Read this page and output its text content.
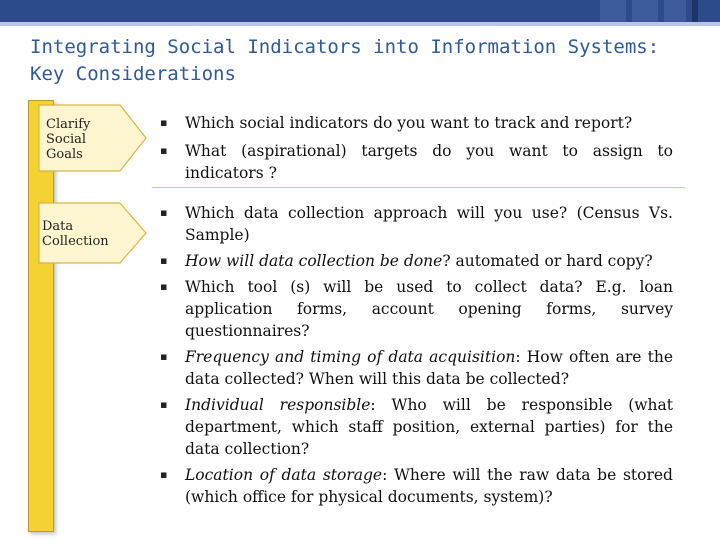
Integrating Social Indicators into Information Systems: Key Considerations
Clarify Social Goals
Data Collection
▪ Which social indicators do you want to track and report?
▪ What (aspirational) targets do you want to assign to indicators ?
▪ Which data collection approach will you use? (Census Vs. Sample)
▪ How will data collection be done? automated or hard copy?
▪ Which tool (s) will be used to collect data? E.g. loan application forms, account opening forms, survey questionnaires?
▪ Frequency and timing of data acquisition: How often are the data collected? When will this data be collected?
▪ Individual responsible: Who will be responsible (what department, which staff position, external parties) for the data collection?
▪ Location of data storage: Where will the raw data be stored (which office for physical documents, system)?
